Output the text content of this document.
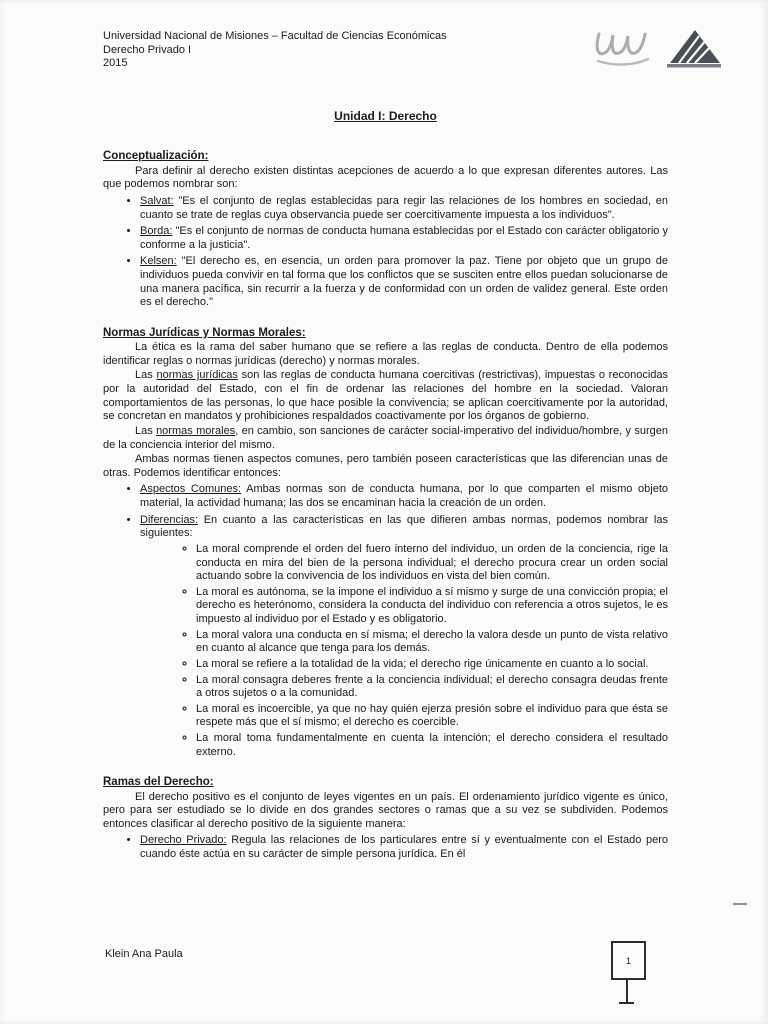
Universidad Nacional de Misiones – Facultad de Ciencias Económicas
Derecho Privado I
2015
Unidad I: Derecho
Conceptualización:

Para definir al derecho existen distintas acepciones de acuerdo a lo que expresan diferentes autores. Las que podemos nombrar son:

• Salvat: "Es el conjunto de reglas establecidas para regir las relaciones de los hombres en sociedad, en cuanto se trate de reglas cuya observancia puede ser coercitivamente impuesta a los individuos".
• Borda: "Es el conjunto de normas de conducta humana establecidas por el Estado con carácter obligatorio y conforme a la justicia".
• Kelsen: "El derecho es, en esencia, un orden para promover la paz. Tiene por objeto que un grupo de individuos pueda convivir en tal forma que los conflictos que se susciten entre ellos puedan solucionarse de una manera pacífica, sin recurrir a la fuerza y de conformidad con un orden de validez general. Este orden es el derecho."
Normas Jurídicas y Normas Morales:

La ética es la rama del saber humano que se refiere a las reglas de conducta. Dentro de ella podemos identificar reglas o normas jurídicas (derecho) y normas morales.

Las normas jurídicas son las reglas de conducta humana coercitivas (restrictivas), impuestas o reconocidas por la autoridad del Estado, con el fin de ordenar las relaciones del hombre en la sociedad. Valoran comportamientos de las personas, lo que hace posible la convivencia; se aplican coercitivamente por la autoridad, se concretan en mandatos y prohibiciones respaldados coactivamente por los órganos de gobierno.

Las normas morales, en cambio, son sanciones de carácter social-imperativo del individuo/hombre, y surgen de la conciencia interior del mismo.

Ambas normas tienen aspectos comunes, pero también poseen características que las diferencian unas de otras. Podemos identificar entonces:

• Aspectos Comunes: Ambas normas son de conducta humana, por lo que comparten el mismo objeto material, la actividad humana; las dos se encaminan hacia la creación de un orden.
• Diferencias: En cuanto a las características en las que difieren ambas normas, podemos nombrar las siguientes:
◦ La moral comprende el orden del fuero interno del individuo, un orden de la conciencia, rige la conducta en mira del bien de la persona individual; el derecho procura crear un orden social actuando sobre la convivencia de los individuos en vista del bien común.
◦ La moral es autónoma, se la impone el individuo a sí mismo y surge de una convicción propia; el derecho es heterónomo, considera la conducta del individuo con referencia a otros sujetos, le es impuesto al individuo por el Estado y es obligatorio.
◦ La moral valora una conducta en sí misma; el derecho la valora desde un punto de vista relativo en cuanto al alcance que tenga para los demás.
◦ La moral se refiere a la totalidad de la vida; el derecho rige únicamente en cuanto a lo social.
◦ La moral consagra deberes frente a la conciencia individual; el derecho consagra deudas frente a otros sujetos o a la comunidad.
◦ La moral es incoercible, ya que no hay quién ejerza presión sobre el individuo para que ésta se respete más que el sí mismo; el derecho es coercible.
◦ La moral toma fundamentalmente en cuenta la intención; el derecho considera el resultado externo.
Ramas del Derecho:

El derecho positivo es el conjunto de leyes vigentes en un país. El ordenamiento jurídico vigente es único, pero para ser estudiado se lo divide en dos grandes sectores o ramas que a su vez se subdividen. Podemos entonces clasificar al derecho positivo de la siguiente manera:

• Derecho Privado: Regula las relaciones de los particulares entre sí y eventualmente con el Estado pero cuando éste actúa en su carácter de simple persona jurídica. En él
Klein Ana Paula
1
